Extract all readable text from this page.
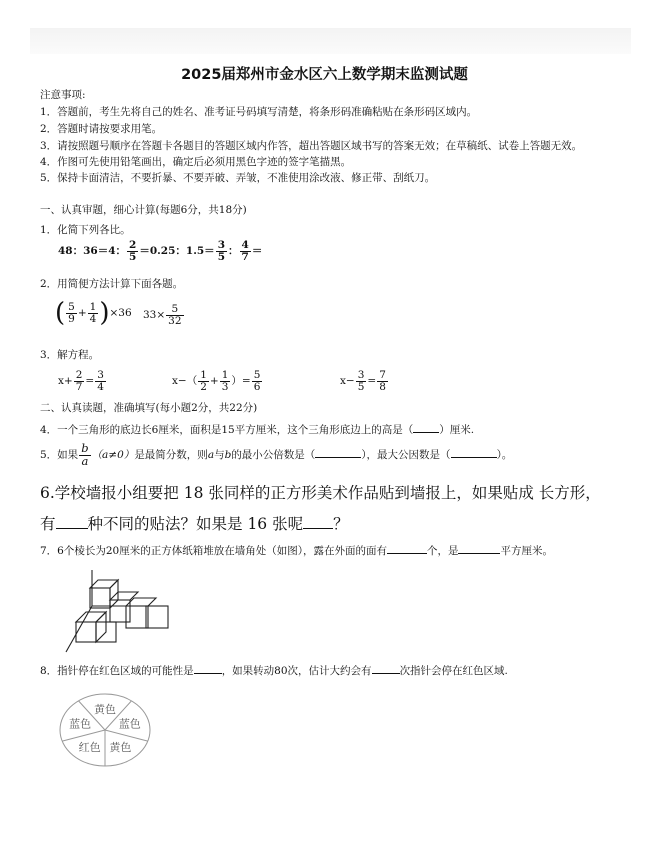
2025届郑州市金水区六上数学期末监测试题
注意事项:
1．答题前，考生先将自己的姓名、准考证号码填写清楚，将条形码准确粘贴在条形码区域内。
2．答题时请按要求用笔。
3．请按照题号顺序在答题卡各题目的答题区域内作答，超出答题区域书写的答案无效；在草稿纸、试卷上答题无效。
4．作图可先使用铅笔画出，确定后必须用黑色字迹的签字笔描黑。
5．保持卡面清洁，不要折暴、不要弄破、弄皱，不准使用涂改液、修正带、刮纸刀。
一、认真审题，细心计算(每题6分，共18分)
1．化简下列各比。
48：36＝4： $\frac{2}{5} =0.25$：$1.5= \frac{3}{5}$ ： $\frac{4}{7}$ ＝
2．用简便方法计算下面各题。
( $\frac{5}{9} + \frac{1}{4} )\times 36$ $33\times \frac{5}{32}$
3．解方程。
$x+ \frac{2}{7} = \frac{3}{4}$	$x-( \frac{1}{2} + \frac{1}{3}$ ）= $\frac{5}{6}$	$x- \frac{3}{5} = \frac{7}{8}$
二、认真读题，准确填写(每小题2分，共22分)
4．一个三角形的底边长6厘米，面积是15平方厘米，这个三角形底边上的高是（ ）厘米.
5．如果 $\frac{b}{a} (a\ne 0)$是最简分数，则a与b的最小公倍数是（	），最大公因数是（	）。
6.学校墙报小组要把 18 张同样的正方形美术作品贴到墙报上，如果贴成 长方形，
有 种不同的贴法？如果是 16 张呢 ？
7．6个棱长为20厘米的正方体纸箱堆放在墙角处（如图），露在外面的面有	个，是	平方厘米。
8．指针停在红色区域的可能性是	，如果转动80次，估计大约会有	次指针会停在红色区域.
黄色
蓝色
黄色
红色
蓝色
